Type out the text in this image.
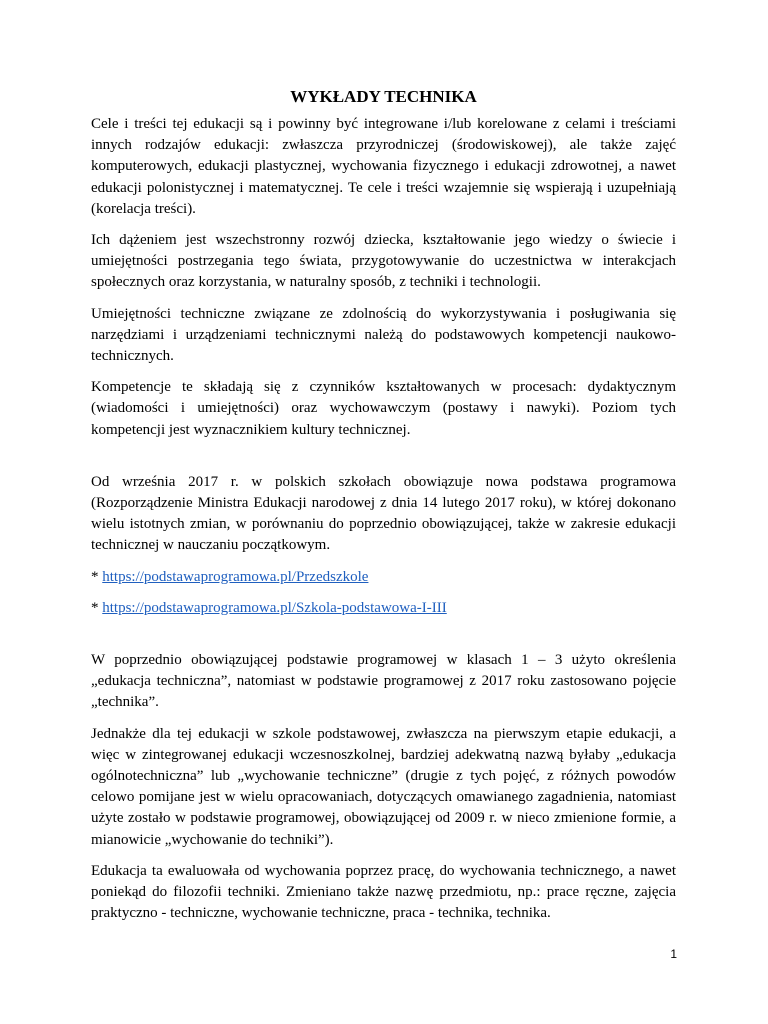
WYKŁADY TECHNIKA

Cele i treści tej edukacji są i powinny być integrowane i/lub korelowane z celami i treściami innych rodzajów edukacji: zwłaszcza przyrodniczej (środowiskowej), ale także zajęć komputerowych, edukacji plastycznej, wychowania fizycznego i edukacji zdrowotnej, a nawet edukacji polonistycznej i matematycznej. Te cele i treści wzajemnie się wspierają i uzupełniają (korelacja treści).

Ich dążeniem jest wszechstronny rozwój dziecka, kształtowanie jego wiedzy o świecie i umiejętności postrzegania tego świata, przygotowywanie do uczestnictwa w interakcjach społecznych oraz korzystania, w naturalny sposób, z techniki i technologii.

Umiejętności techniczne związane ze zdolnością do wykorzystywania i posługiwania się narzędziami i urządzeniami technicznymi należą do podstawowych kompetencji naukowo-technicznych.

Kompetencje te składają się z czynników kształtowanych w procesach: dydaktycznym (wiadomości i umiejętności) oraz wychowawczym (postawy i nawyki). Poziom tych kompetencji jest wyznacznikiem kultury technicznej.

Od września 2017 r. w polskich szkołach obowiązuje nowa podstawa programowa (Rozporządzenie Ministra Edukacji narodowej z dnia 14 lutego 2017 roku), w której dokonano wielu istotnych zmian, w porównaniu do poprzednio obowiązującej, także w zakresie edukacji technicznej w nauczaniu początkowym.

* https://podstawaprogramowa.pl/Przedszkole
* https://podstawaprogramowa.pl/Szkola-podstawowa-I-III

W poprzednio obowiązującej podstawie programowej w klasach 1 – 3 użyto określenia „edukacja techniczna”, natomiast w podstawie programowej z 2017 roku zastosowano pojęcie „technika”.

Jednakże dla tej edukacji w szkole podstawowej, zwłaszcza na pierwszym etapie edukacji, a więc w zintegrowanej edukacji wczesnoszkolnej, bardziej adekwatną nazwą byłaby „edukacja ogólnotechniczna” lub „wychowanie techniczne” (drugie z tych pojęć, z różnych powodów celowo pomijane jest w wielu opracowaniach, dotyczących omawianego zagadnienia, natomiast użyte zostało w podstawie programowej, obowiązującej od 2009 r. w nieco zmienione formie, a mianowicie „wychowanie do techniki”).

Edukacja ta ewaluowała od wychowania poprzez pracę, do wychowania technicznego, a nawet poniekąd do filozofii techniki. Zmieniano także nazwę przedmiotu, np.: prace ręczne, zajęcia praktyczno - techniczne, wychowanie techniczne, praca - technika, technika.

1
